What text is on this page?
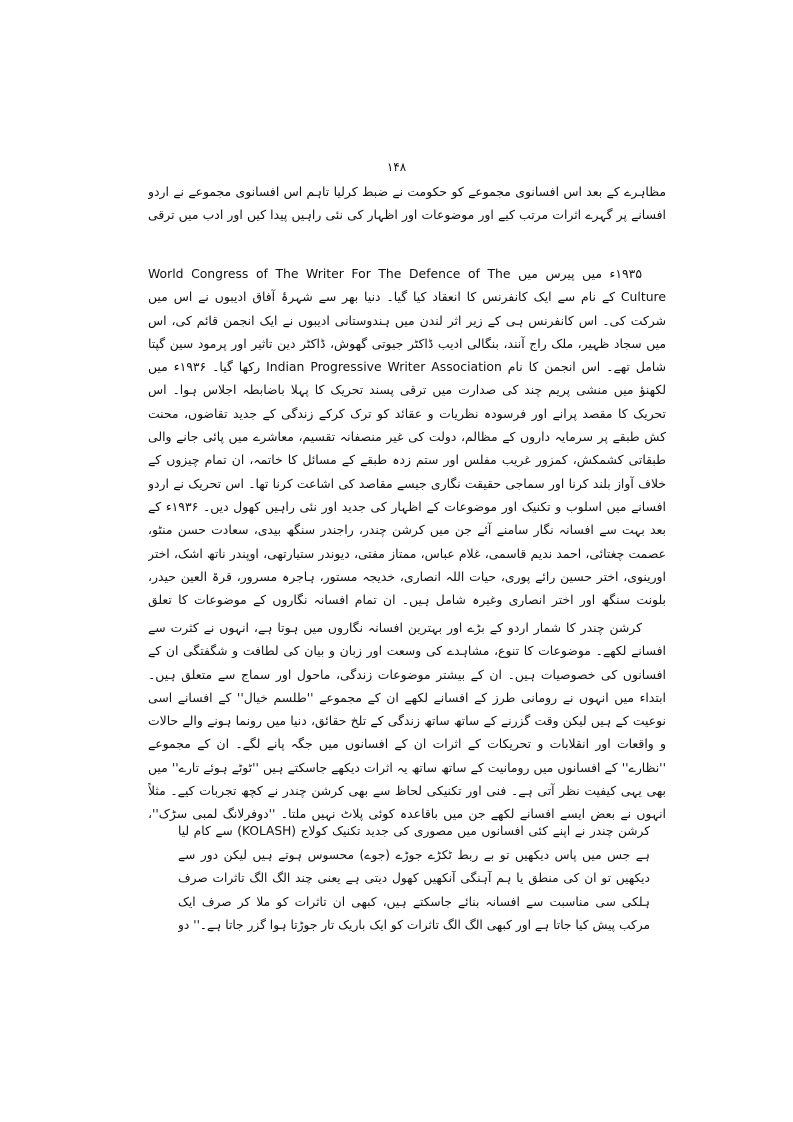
۱۴۸

مظاہرے کے بعد اس افسانوی مجموعے کو حکومت نے ضبط کرلیا تاہم اس افسانوی مجموعے نے اردو افسانے پر گہرے اثرات مرتب کیے اور موضوعات اور اظہار کی نئی راہیں پیدا کیں اور ادب میں ترقی

۱۹۳۵ء میں پیرس میں World Congress of The Writer For The Defence of The Culture کے نام سے ایک کانفرنس کا انعقاد کیا گیا۔ دنیا بھر سے شہرۂ آفاق ادیبوں نے اس میں شرکت کی۔ اس کانفرنس ہی کے زیر اثر لندن میں ہندوستانی ادیبوں نے ایک انجمن قائم کی، اس میں سجاد ظہیر، ملک راج آنند، بنگالی ادیب ڈاکٹر جیوتی گھوش، ڈاکٹر دین تاثیر اور پرمود سین گپتا شامل تھے۔ اس انجمن کا نام Indian Progressive Writer Association رکھا گیا۔ ۱۹۳۶ء میں لکھنؤ میں منشی پریم چند کی صدارت میں ترقی پسند تحریک کا پہلا باضابطہ اجلاس ہوا۔ اس تحریک کا مقصد پرانے اور فرسودہ نظریات و عقائد کو ترک کرکے زندگی کے جدید تقاضوں، محنت کش طبقے پر سرمایہ داروں کے مظالم، دولت کی غیر منصفانہ تقسیم، معاشرے میں پائی جانے والی طبقاتی کشمکش، کمزور غریب مفلس اور ستم زدہ طبقے کے مسائل کا خاتمہ، ان تمام چیزوں کے خلاف آواز بلند کرنا اور سماجی حقیقت نگاری جیسے مقاصد کی اشاعت کرنا تھا۔ اس تحریک نے اردو افسانے میں اسلوب و تکنیک اور موضوعات کے اظہار کی جدید اور نئی راہیں کھول دیں۔ ۱۹۳۶ء کے بعد بہت سے افسانہ نگار سامنے آئے جن میں کرشن چندر، راجندر سنگھ بیدی، سعادت حسن منٹو، عصمت چغتائی، احمد ندیم قاسمی، غلام عباس، ممتاز مفتی، دیوندر ستیارتھی، اوپندر ناتھ اشک، اختر اورینوی، اختر حسین رائے پوری، حیات اللہ انصاری، خدیجہ مستور، ہاجرہ مسرور، قرۃ العین حیدر، بلونت سنگھ اور اختر انصاری وغیرہ شامل ہیں۔ ان تمام افسانہ نگاروں کے موضوعات کا تعلق

کرشن چندر کا شمار اردو کے بڑے اور بہترین افسانہ نگاروں میں ہوتا ہے، انہوں نے کثرت سے افسانے لکھے۔ موضوعات کا تنوع، مشاہدے کی وسعت اور زبان و بیان کی لطافت و شگفتگی ان کے افسانوں کی خصوصیات ہیں۔ ان کے بیشتر موضوعات زندگی، ماحول اور سماج سے متعلق ہیں۔ ابتداء میں انہوں نے رومانی طرز کے افسانے لکھے ان کے مجموعے ''طلسم خیال'' کے افسانے اسی نوعیت کے ہیں لیکن وقت گزرنے کے ساتھ ساتھ زندگی کے تلخ حقائق، دنیا میں رونما ہونے والے حالات و واقعات اور انقلابات و تحریکات کے اثرات ان کے افسانوں میں جگہ پانے لگے۔ ان کے مجموعے ''نظارے'' کے افسانوں میں رومانیت کے ساتھ ساتھ یہ اثرات دیکھے جاسکتے ہیں ''ٹوٹے ہوئے تارے'' میں بھی یہی کیفیت نظر آتی ہے۔ فنی اور تکنیکی لحاظ سے بھی کرشن چندر نے کچھ تجربات کیے۔ مثلاً انہوں نے بعض ایسے افسانے لکھے جن میں باقاعدہ کوئی پلاٹ نہیں ملتا۔ ''دوفرلانگ لمبی سڑک''،

کرشن چندر نے اپنے کئی افسانوں میں مصوری کی جدید تکنیک کولاج (KOLASH) سے کام لیا ہے جس میں پاس دیکھیں تو بے ربط ٹکڑے جوڑے (جوے) محسوس ہوتے ہیں لیکن دور سے دیکھیں تو ان کی منطق یا ہم آہنگی آنکھیں کھول دیتی ہے یعنی چند الگ الگ تاثرات صرف ہلکی سی مناسبت سے افسانہ بنائے جاسکتے ہیں، کبھی ان تاثرات کو ملا کر صرف ایک مرکب پیش کیا جاتا ہے اور کبھی الگ الگ تاثرات کو ایک باریک تار جوڑتا ہوا گزر جاتا ہے۔'' دو
